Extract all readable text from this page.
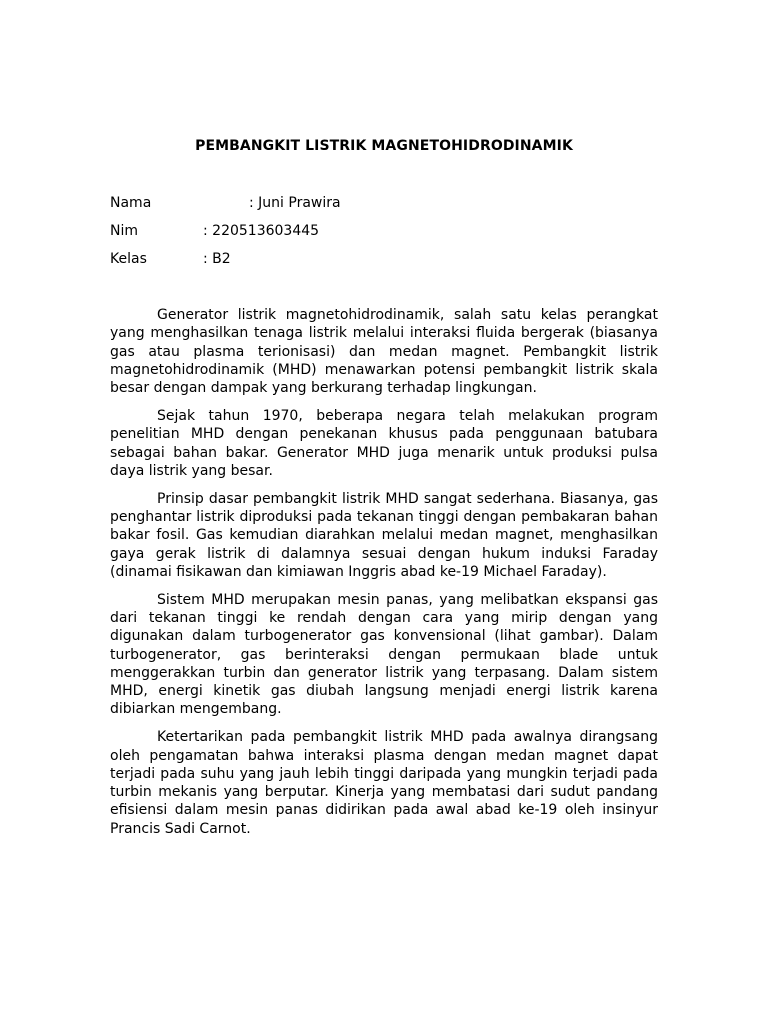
PEMBANGKIT LISTRIK MAGNETOHIDRODINAMIK
Nama	: Juni Prawira
Nim	: 220513603445
Kelas	: B2

Generator listrik magnetohidrodinamik, salah satu kelas perangkat yang menghasilkan tenaga listrik melalui interaksi fluida bergerak (biasanya gas atau plasma terionisasi) dan medan magnet. Pembangkit listrik magnetohidrodinamik (MHD) menawarkan potensi pembangkit listrik skala besar dengan dampak yang berkurang terhadap lingkungan.

Sejak tahun 1970, beberapa negara telah melakukan program penelitian MHD dengan penekanan khusus pada penggunaan batubara sebagai bahan bakar. Generator MHD juga menarik untuk produksi pulsa daya listrik yang besar.

Prinsip dasar pembangkit listrik MHD sangat sederhana. Biasanya, gas penghantar listrik diproduksi pada tekanan tinggi dengan pembakaran bahan bakar fosil. Gas kemudian diarahkan melalui medan magnet, menghasilkan gaya gerak listrik di dalamnya sesuai dengan hukum induksi Faraday (dinamai fisikawan dan kimiawan Inggris abad ke-19 Michael Faraday).

Sistem MHD merupakan mesin panas, yang melibatkan ekspansi gas dari tekanan tinggi ke rendah dengan cara yang mirip dengan yang digunakan dalam turbogenerator gas konvensional (lihat gambar). Dalam turbogenerator, gas berinteraksi dengan permukaan blade untuk menggerakkan turbin dan generator listrik yang terpasang. Dalam sistem MHD, energi kinetik gas diubah langsung menjadi energi listrik karena dibiarkan mengembang.

Ketertarikan pada pembangkit listrik MHD pada awalnya dirangsang oleh pengamatan bahwa interaksi plasma dengan medan magnet dapat terjadi pada suhu yang jauh lebih tinggi daripada yang mungkin terjadi pada turbin mekanis yang berputar. Kinerja yang membatasi dari sudut pandang efisiensi dalam mesin panas didirikan pada awal abad ke-19 oleh insinyur Prancis Sadi Carnot.
